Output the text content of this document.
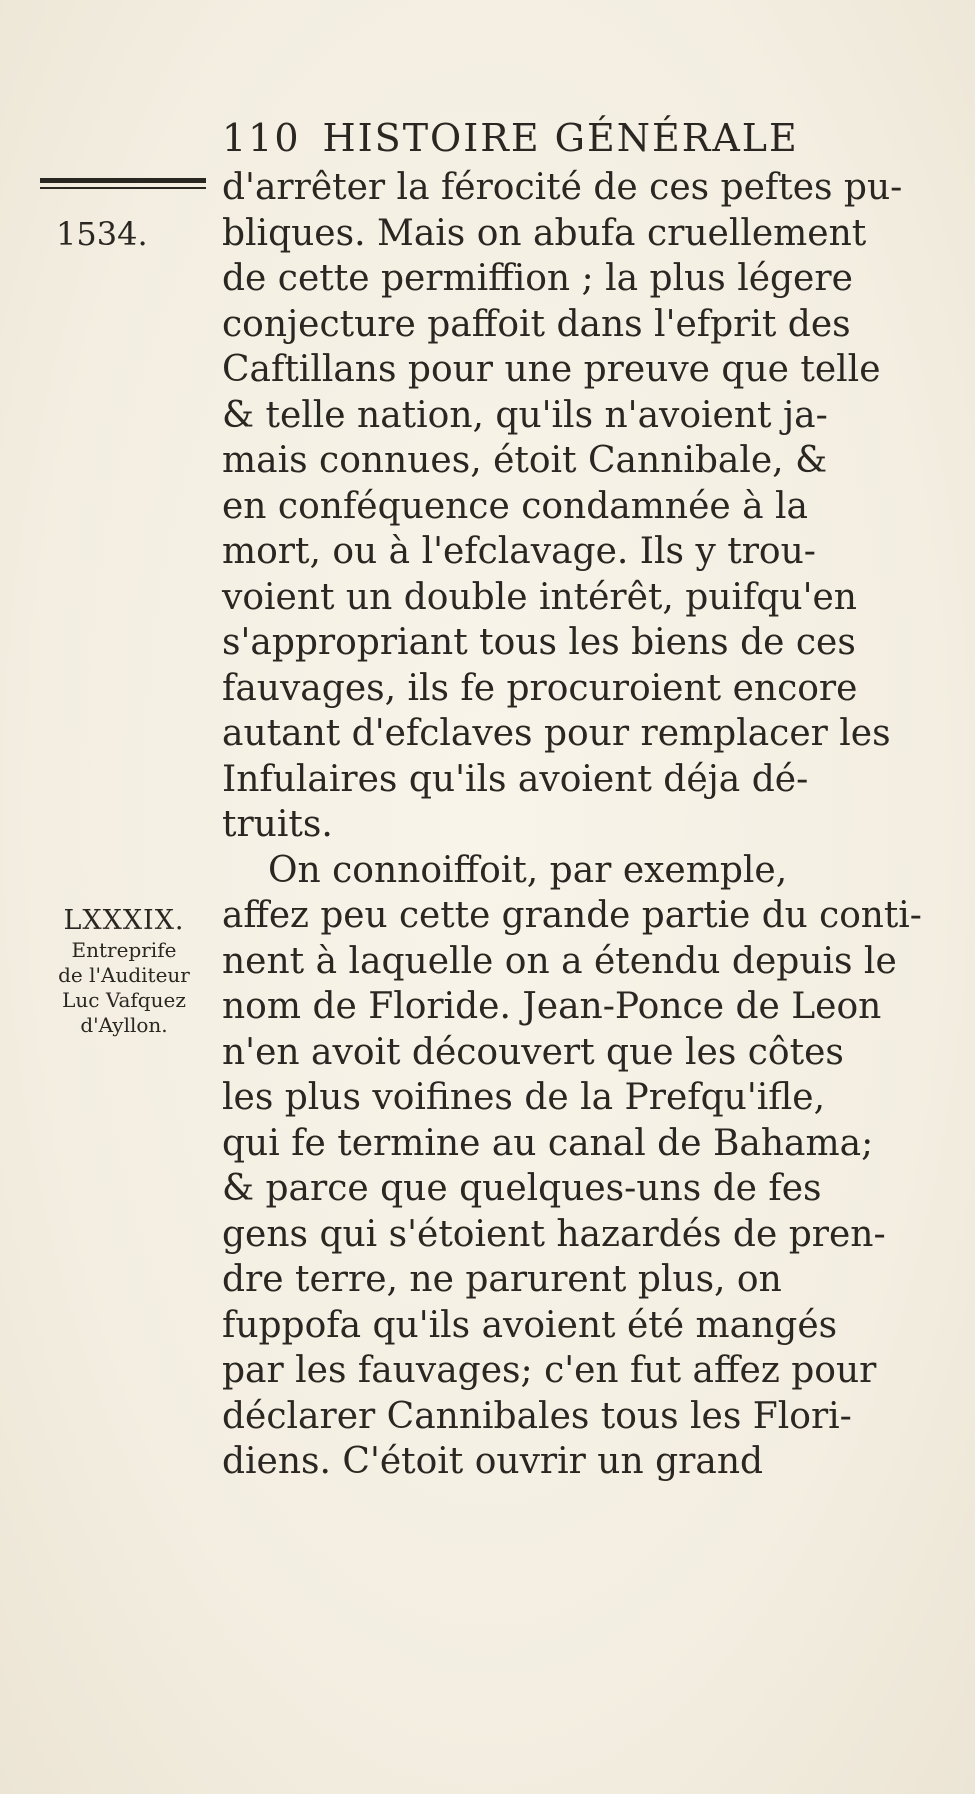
110 HISTOIRE GÉNÉRALE
1534.
LXXXIX.
Entreprife
de l'Auditeur
Luc Vafquez
d'Ayllon.
d'arrêter la férocité de ces peftes pu-
bliques. Mais on abufa cruellement
de cette permiffion ; la plus légere
conjecture paffoit dans l'efprit des
Caftillans pour une preuve que telle
& telle nation, qu'ils n'avoient ja-
mais connues, étoit Cannibale, &
en conféquence condamnée à la
mort, ou à l'efclavage. Ils y trou-
voient un double intérêt, puifqu'en
s'appropriant tous les biens de ces
fauvages, ils fe procuroient encore
autant d'efclaves pour remplacer les
Infulaires qu'ils avoient déja dé-
truits.
On connoiffoit, par exemple,
affez peu cette grande partie du conti-
nent à laquelle on a étendu depuis le
nom de Floride. Jean-Ponce de Leon
n'en avoit découvert que les côtes
les plus voifines de la Prefqu'ifle,
qui fe termine au canal de Bahama;
& parce que quelques-uns de fes
gens qui s'étoient hazardés de pren-
dre terre, ne parurent plus, on
fuppofa qu'ils avoient été mangés
par les fauvages; c'en fut affez pour
déclarer Cannibales tous les Flori-
diens. C'étoit ouvrir un grand
